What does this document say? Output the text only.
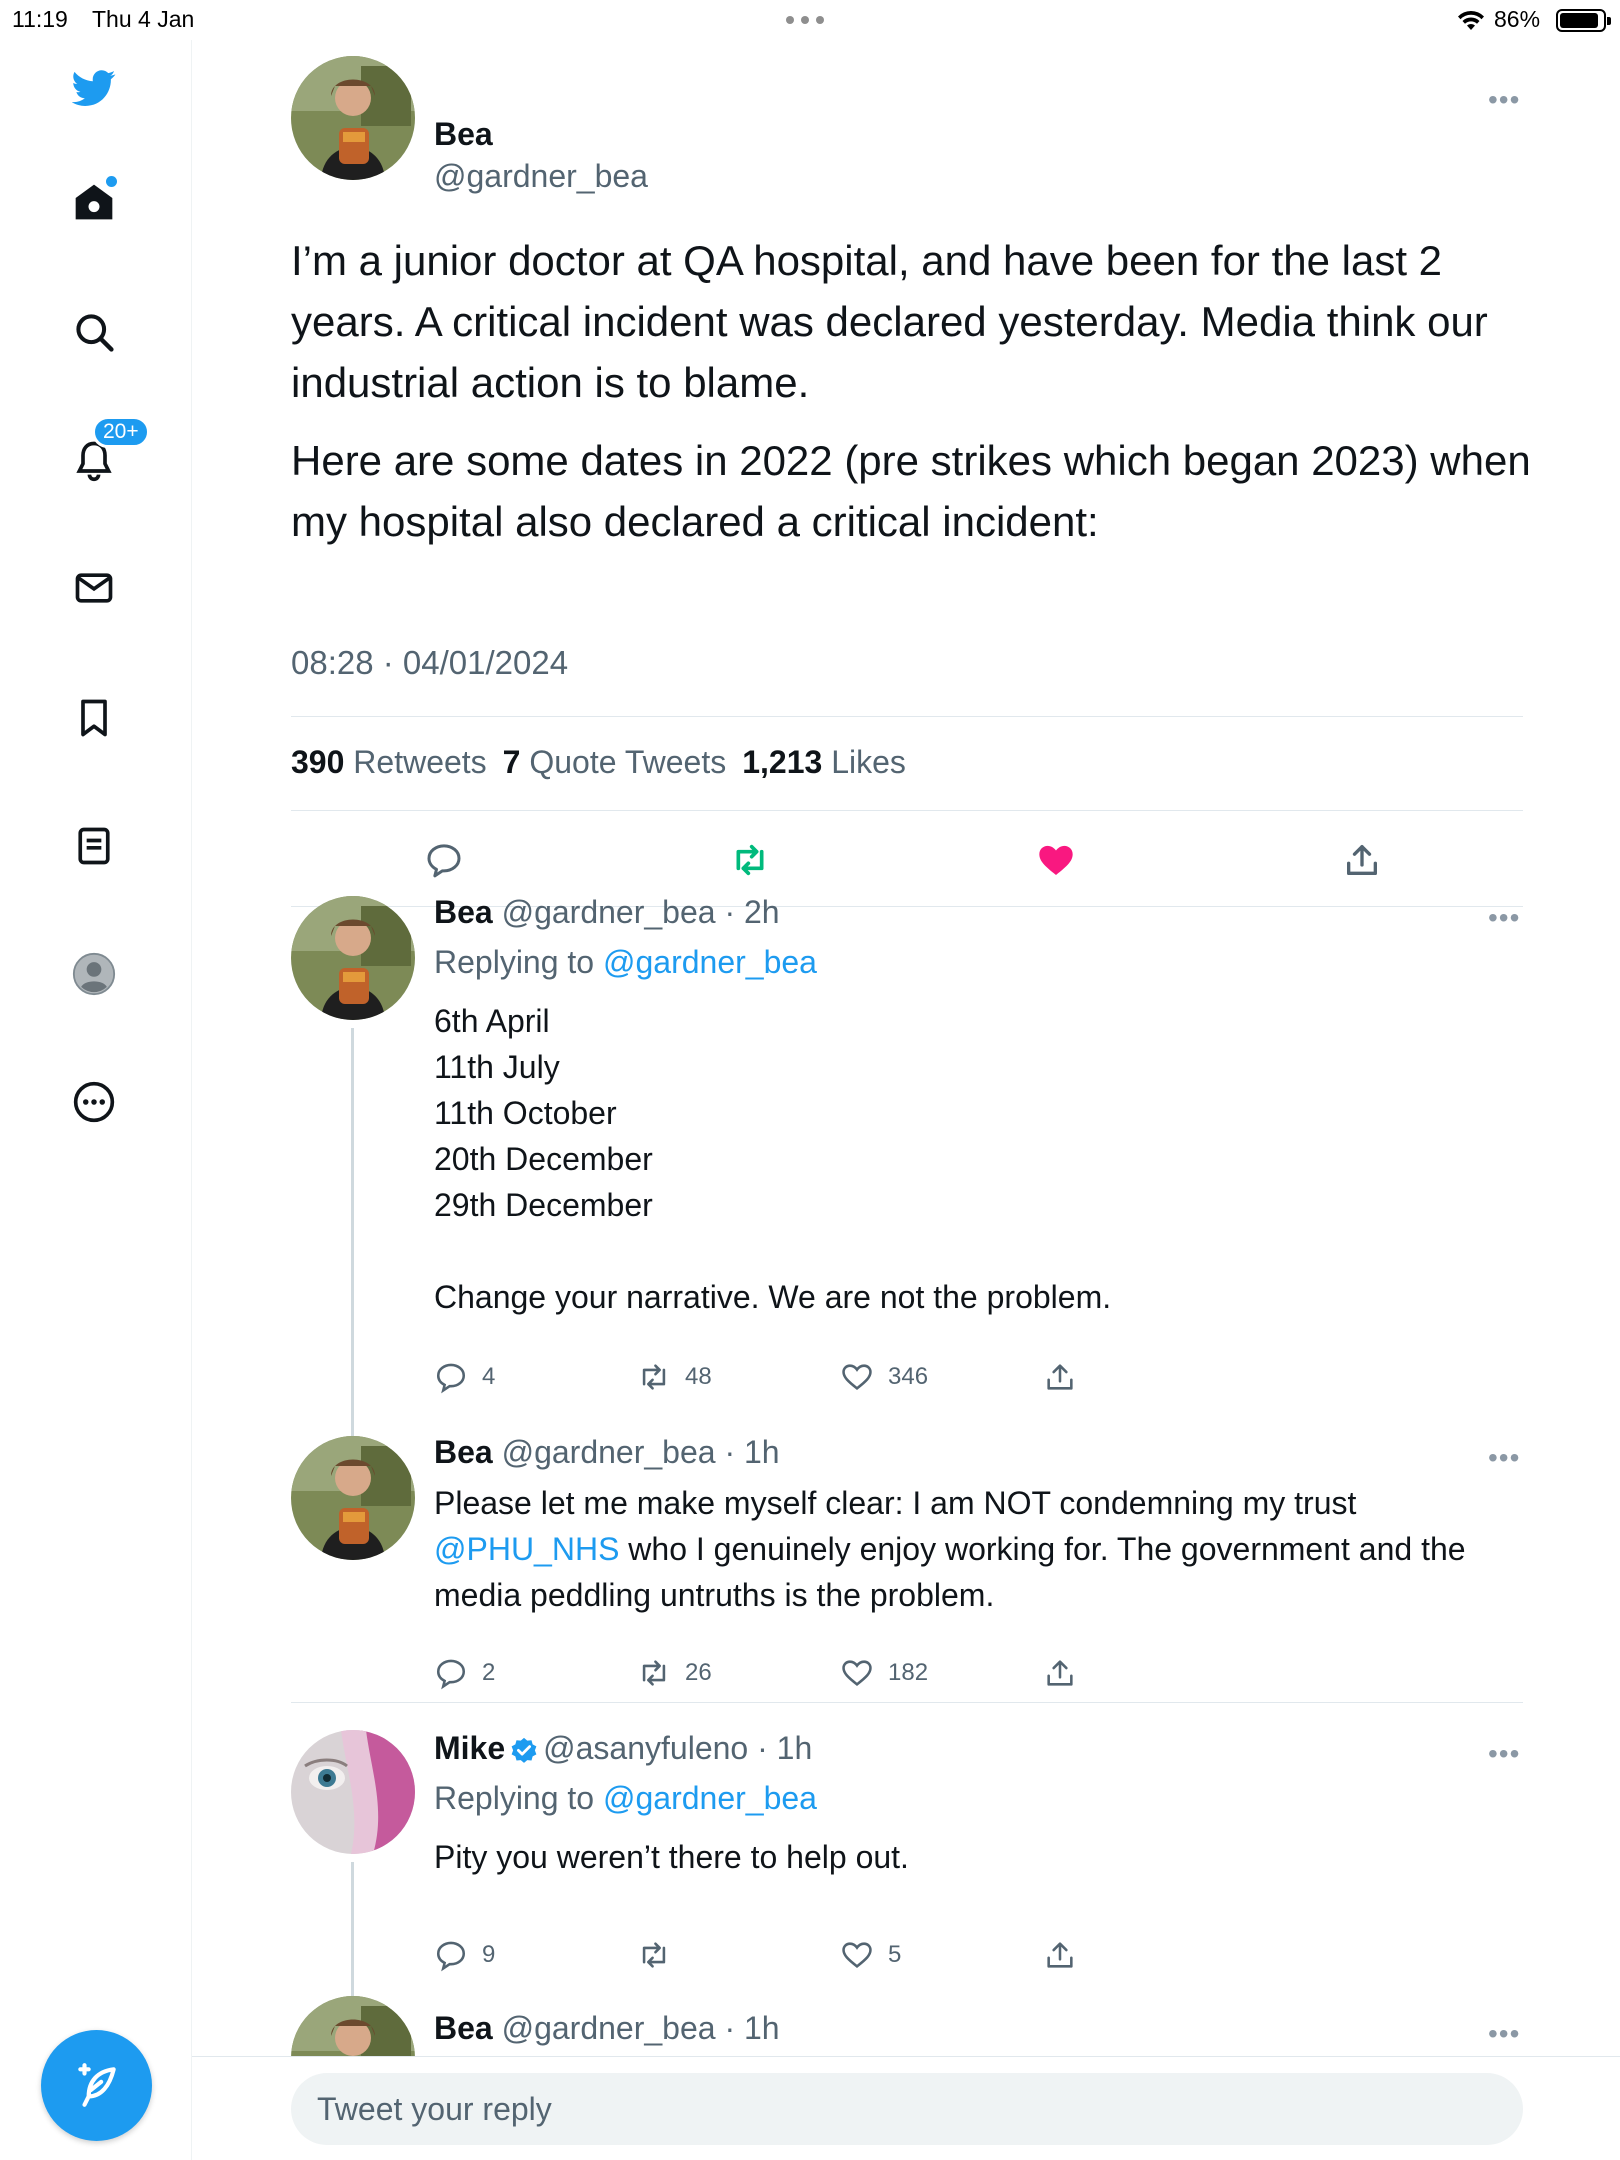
11:19 Thu 4 Jan	86%
20+
Bea
@gardner_bea
•••
I’m a junior doctor at QA hospital, and have been for the last 2 years. A critical incident was declared yesterday. Media think our industrial action is to blame.
Here are some dates in 2022 (pre strikes which began 2023) when my hospital also declared a critical incident:
08:28 · 04/01/2024
390 Retweets 7 Quote Tweets 1,213 Likes
Bea @gardner_bea · 2h	•••
Replying to @gardner_bea
6th April
11th July
11th October
20th December
29th December
Change your narrative. We are not the problem.
4	48	346
Bea @gardner_bea · 1h	•••
Please let me make myself clear: I am NOT condemning my trust @PHU_NHS who I genuinely enjoy working for. The government and the media peddling untruths is the problem.
2	26	182
Mike @asanyfuleno · 1h	•••
Replying to @gardner_bea
Pity you weren’t there to help out.
9	5
Bea @gardner_bea · 1h	•••
Tweet your reply
